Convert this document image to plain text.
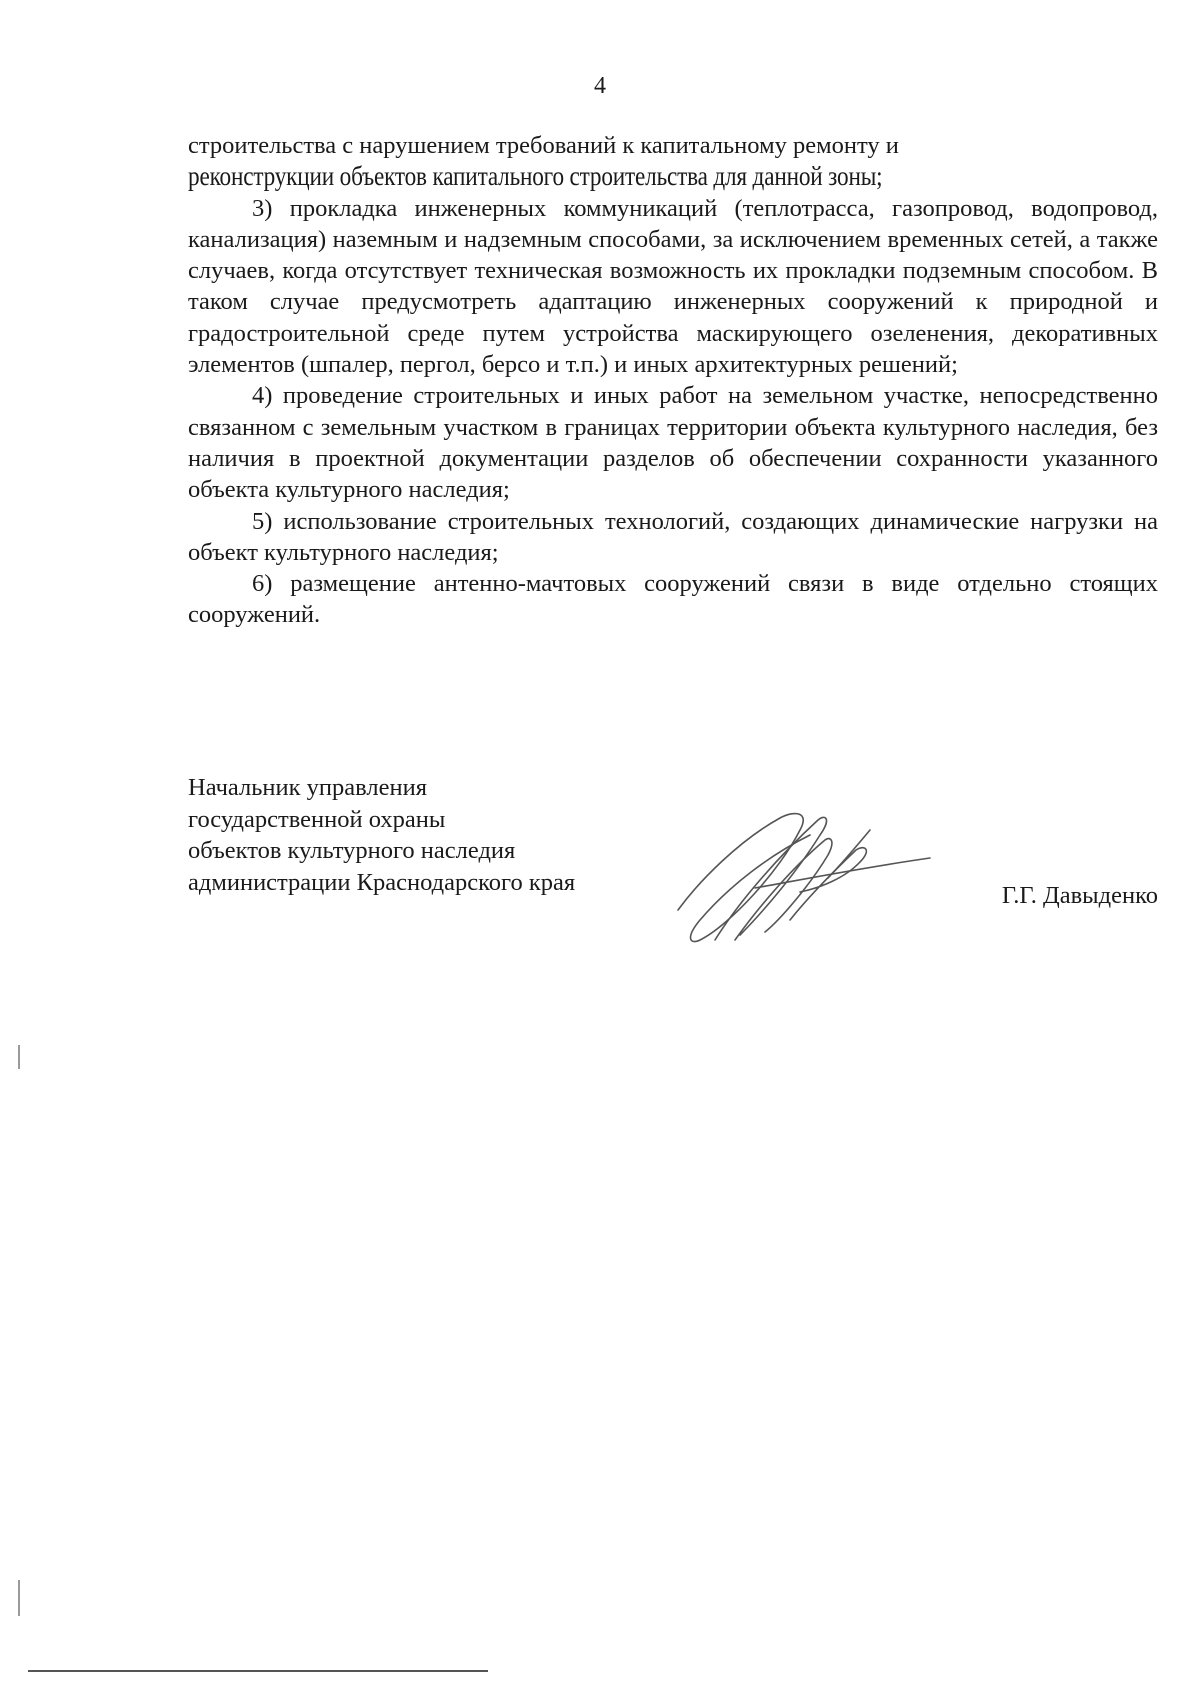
4

строительства с нарушением требований к капитальному ремонту и
реконструкции объектов капитального строительства для данной зоны;

3) прокладка инженерных коммуникаций (теплотрасса, газопровод, водопровод, канализация) наземным и надземным способами, за исключением временных сетей, а также случаев, когда отсутствует техническая возможность их прокладки подземным способом. В таком случае предусмотреть адаптацию инженерных сооружений к природной и градостроительной среде путем устройства маскирующего озеленения, декоративных элементов (шпалер, пергол, берсо и т.п.) и иных архитектурных решений;

4) проведение строительных и иных работ на земельном участке, непосредственно связанном с земельным участком в границах территории объекта культурного наследия, без наличия в проектной документации разделов об обеспечении сохранности указанного объекта культурного наследия;

5) использование строительных технологий, создающих динамические нагрузки на объект культурного наследия;

6) размещение антенно-мачтовых сооружений связи в виде отдельно стоящих сооружений.

Начальник управления
государственной охраны
объектов культурного наследия
администрации Краснодарского края	Г.Г. Давыденко
